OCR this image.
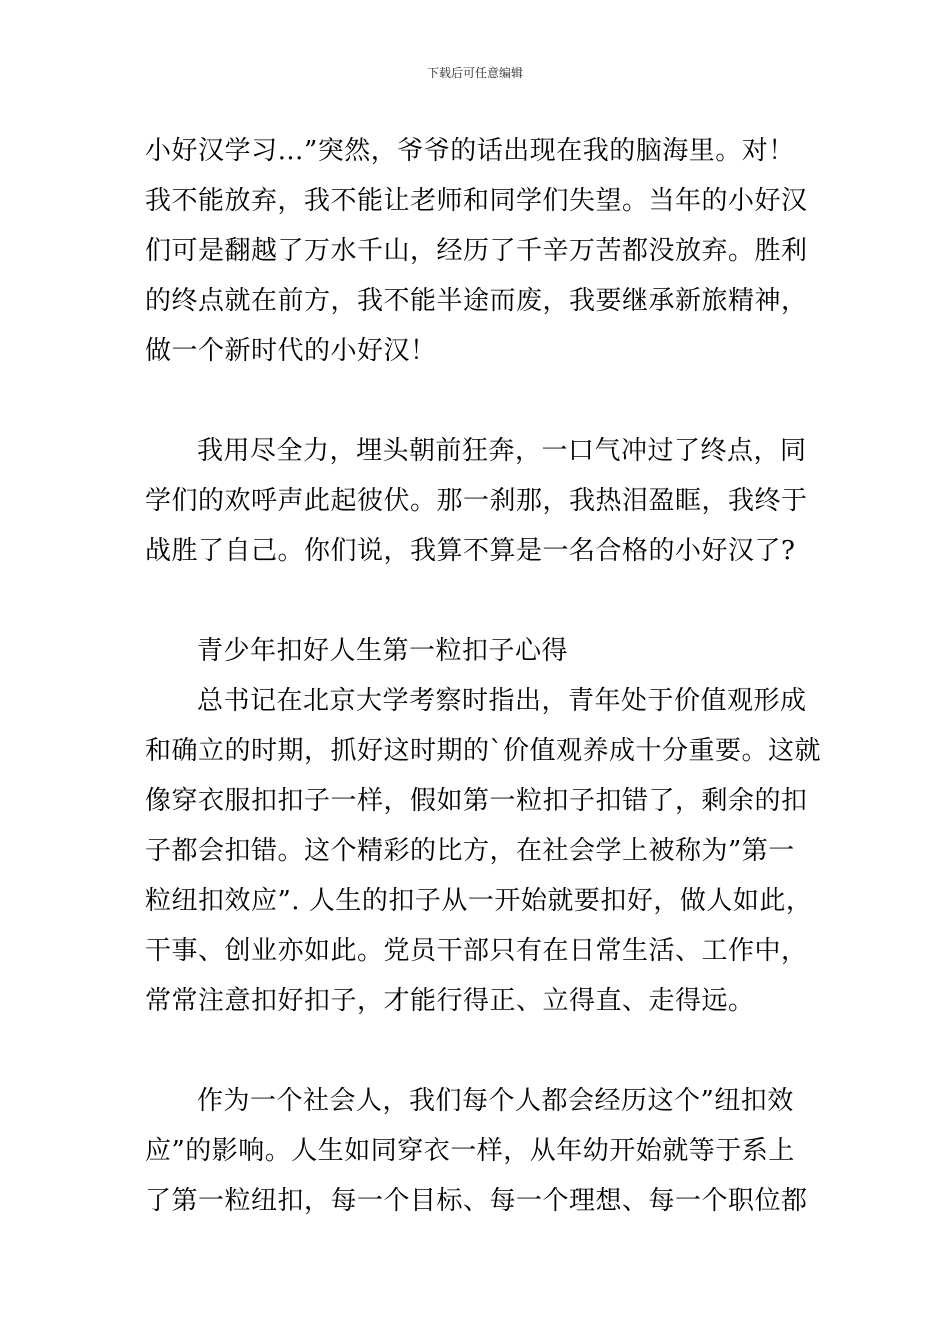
下载后可任意编辑
小好汉学习…”突然，爷爷的话出现在我的脑海里。对！
我不能放弃，我不能让老师和同学们失望。当年的小好汉
们可是翻越了万水千山，经历了千辛万苦都没放弃。胜利
的终点就在前方，我不能半途而废，我要继承新旅精神，
做一个新时代的小好汉！
我用尽全力，埋头朝前狂奔，一口气冲过了终点，同
学们的欢呼声此起彼伏。那一刹那，我热泪盈眶，我终于
战胜了自己。你们说，我算不算是一名合格的小好汉了?
青少年扣好人生第一粒扣子心得
总书记在北京大学考察时指出，青年处于价值观形成
和确立的时期，抓好这时期的`价值观养成十分重要。这就
像穿衣服扣扣子一样，假如第一粒扣子扣错了，剩余的扣
子都会扣错。这个精彩的比方，在社会学上被称为”第一
粒纽扣效应”. 人生的扣子从一开始就要扣好，做人如此，
干事、创业亦如此。党员干部只有在日常生活、工作中，
常常注意扣好扣子，才能行得正、立得直、走得远。
作为一个社会人，我们每个人都会经历这个”纽扣效
应”的影响。人生如同穿衣一样，从年幼开始就等于系上
了第一粒纽扣，每一个目标、每一个理想、每一个职位都
